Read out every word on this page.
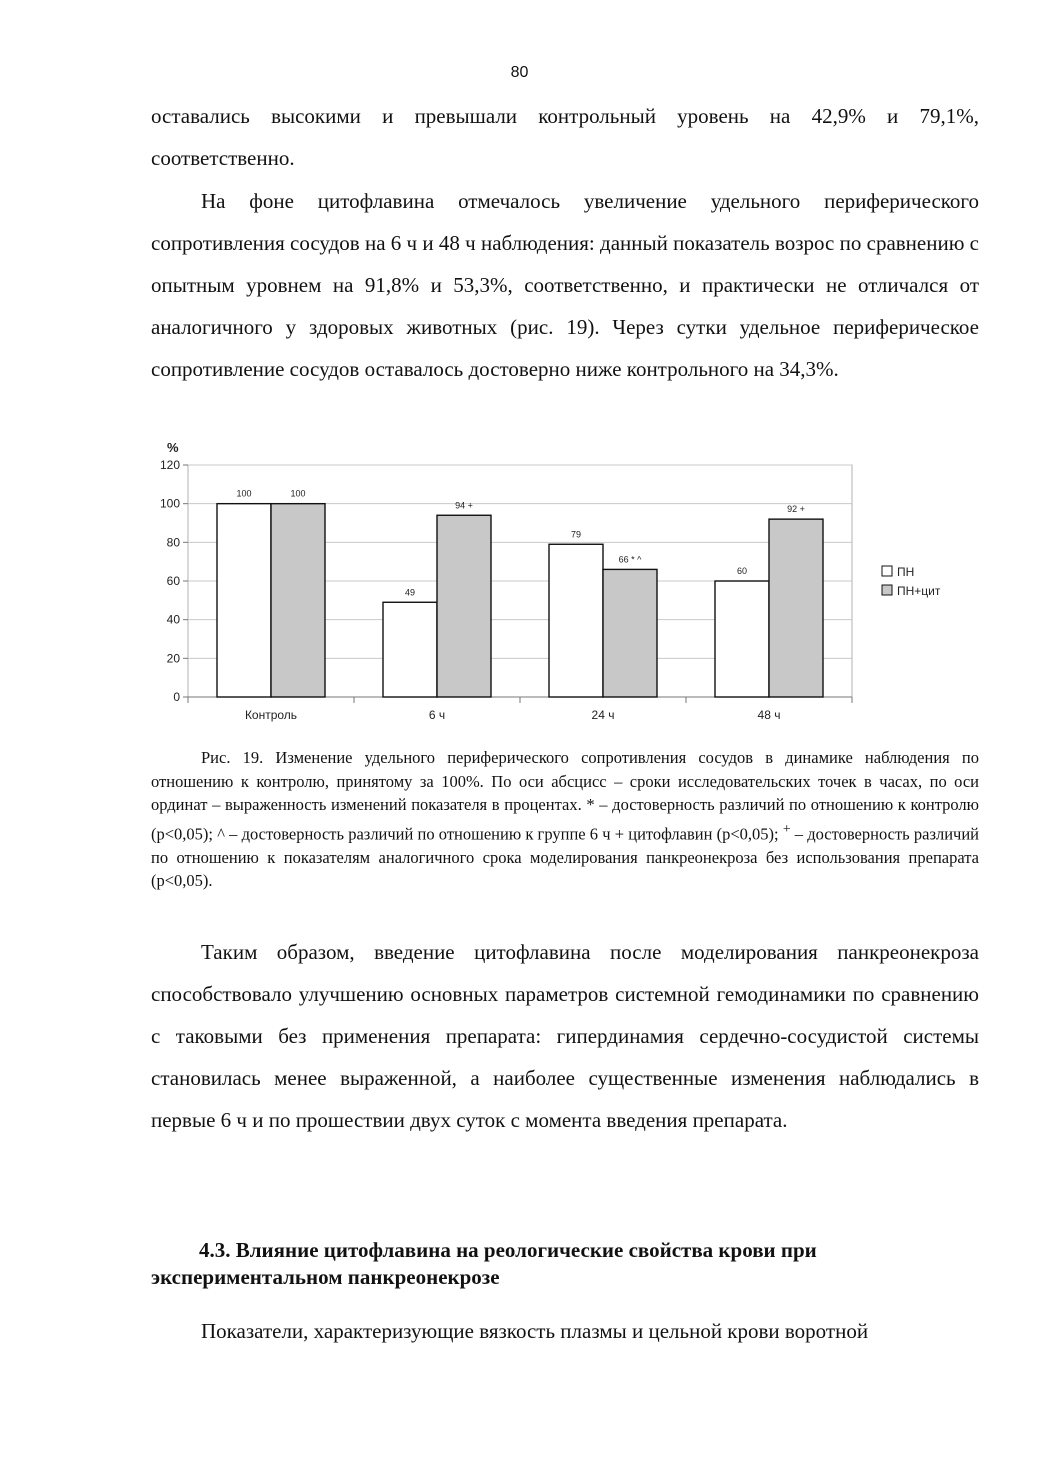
80

оставались высокими и превышали контрольный уровень на 42,9% и 79,1%, соответственно.

На фоне цитофлавина отмечалось увеличение удельного периферического сопротивления сосудов на 6 ч и 48 ч наблюдения: данный показатель возрос по сравнению с опытным уровнем на 91,8% и 53,3%, соответственно, и практически не отличался от аналогичного у здоровых животных (рис. 19). Через сутки удельное периферическое сопротивление сосудов оставалось достоверно ниже контрольного на 34,3%.

0
20
40
60
80
100
120
%
Контроль
100	100
6 ч
49
94 +
24 ч
79
66 * ^
48 ч
60
92 +
ПН
ПН+цит

Рис. 19. Изменение удельного периферического сопротивления сосудов в динамике наблюдения по отношению к контролю, принятому за 100%. По оси абсцисс – сроки исследовательских точек в часах, по оси ординат – выраженность изменений показателя в процентах. * – достоверность различий по отношению к контролю (p<0,05); ^ – достоверность различий по отношению к группе 6 ч + цитофлавин (p<0,05); + – достоверность различий по отношению к показателям аналогичного срока моделирования панкреонекроза без использования препарата (p<0,05).

Таким образом, введение цитофлавина после моделирования панкреонекроза способствовало улучшению основных параметров системной гемодинамики по сравнению с таковыми без применения препарата: гипердинамия сердечно-сосудистой системы становилась менее выраженной, а наиболее существенные изменения наблюдались в первые 6 ч и по прошествии двух суток с момента введения препарата.

4.3. Влияние цитофлавина на реологические свойства крови при экспериментальном панкреонекрозе

Показатели, характеризующие вязкость плазмы и цельной крови воротной
